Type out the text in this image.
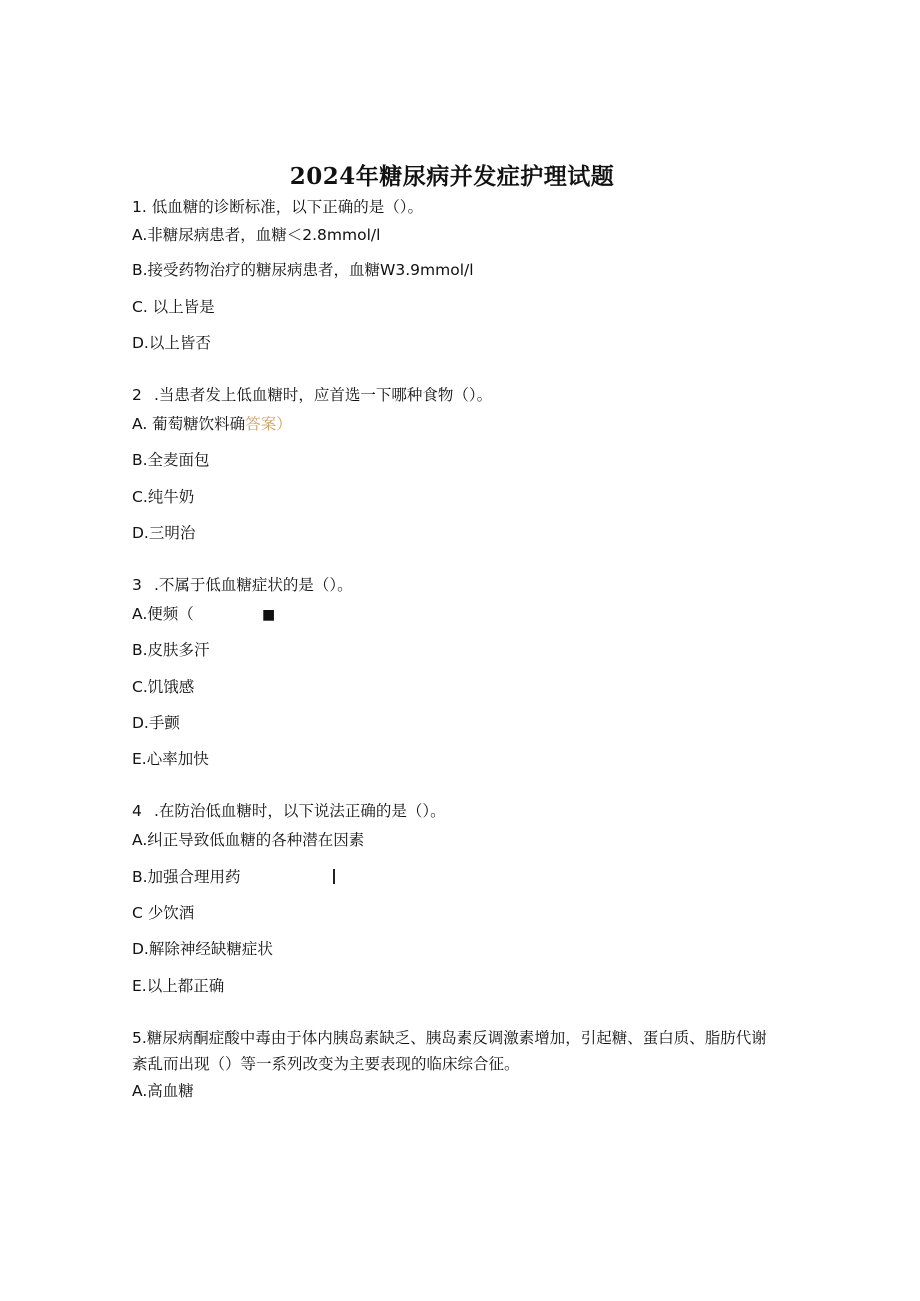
2024年糖尿病并发症护理试题
1. 低血糖的诊断标准，以下正确的是（）。
A.非糖尿病患者，血糖＜2.8mmol/l
B.接受药物治疗的糖尿病患者，血糖W3.9mmol/l
C. 以上皆是
D.以上皆否
2 .当患者发上低血糖时，应首选一下哪种食物（）。
A. 葡萄糖饮料确答案）
B.全麦面包
C.纯牛奶
D.三明治
3 .不属于低血糖症状的是（）。
A.便频（	■
B.皮肤多汗
C.饥饿感
D.手颤
E.心率加快
4 .在防治低血糖时，以下说法正确的是（）。
A.纠正导致低血糖的各种潜在因素
B.加强合理用药
C 少饮酒
D.解除神经缺糖症状
E.以上都正确
5.糖尿病酮症酸中毒由于体内胰岛素缺乏、胰岛素反调激素增加，引起糖、蛋白质、脂肪代谢紊乱而出现（）等一系列改变为主要表现的临床综合征。
A.高血糖
